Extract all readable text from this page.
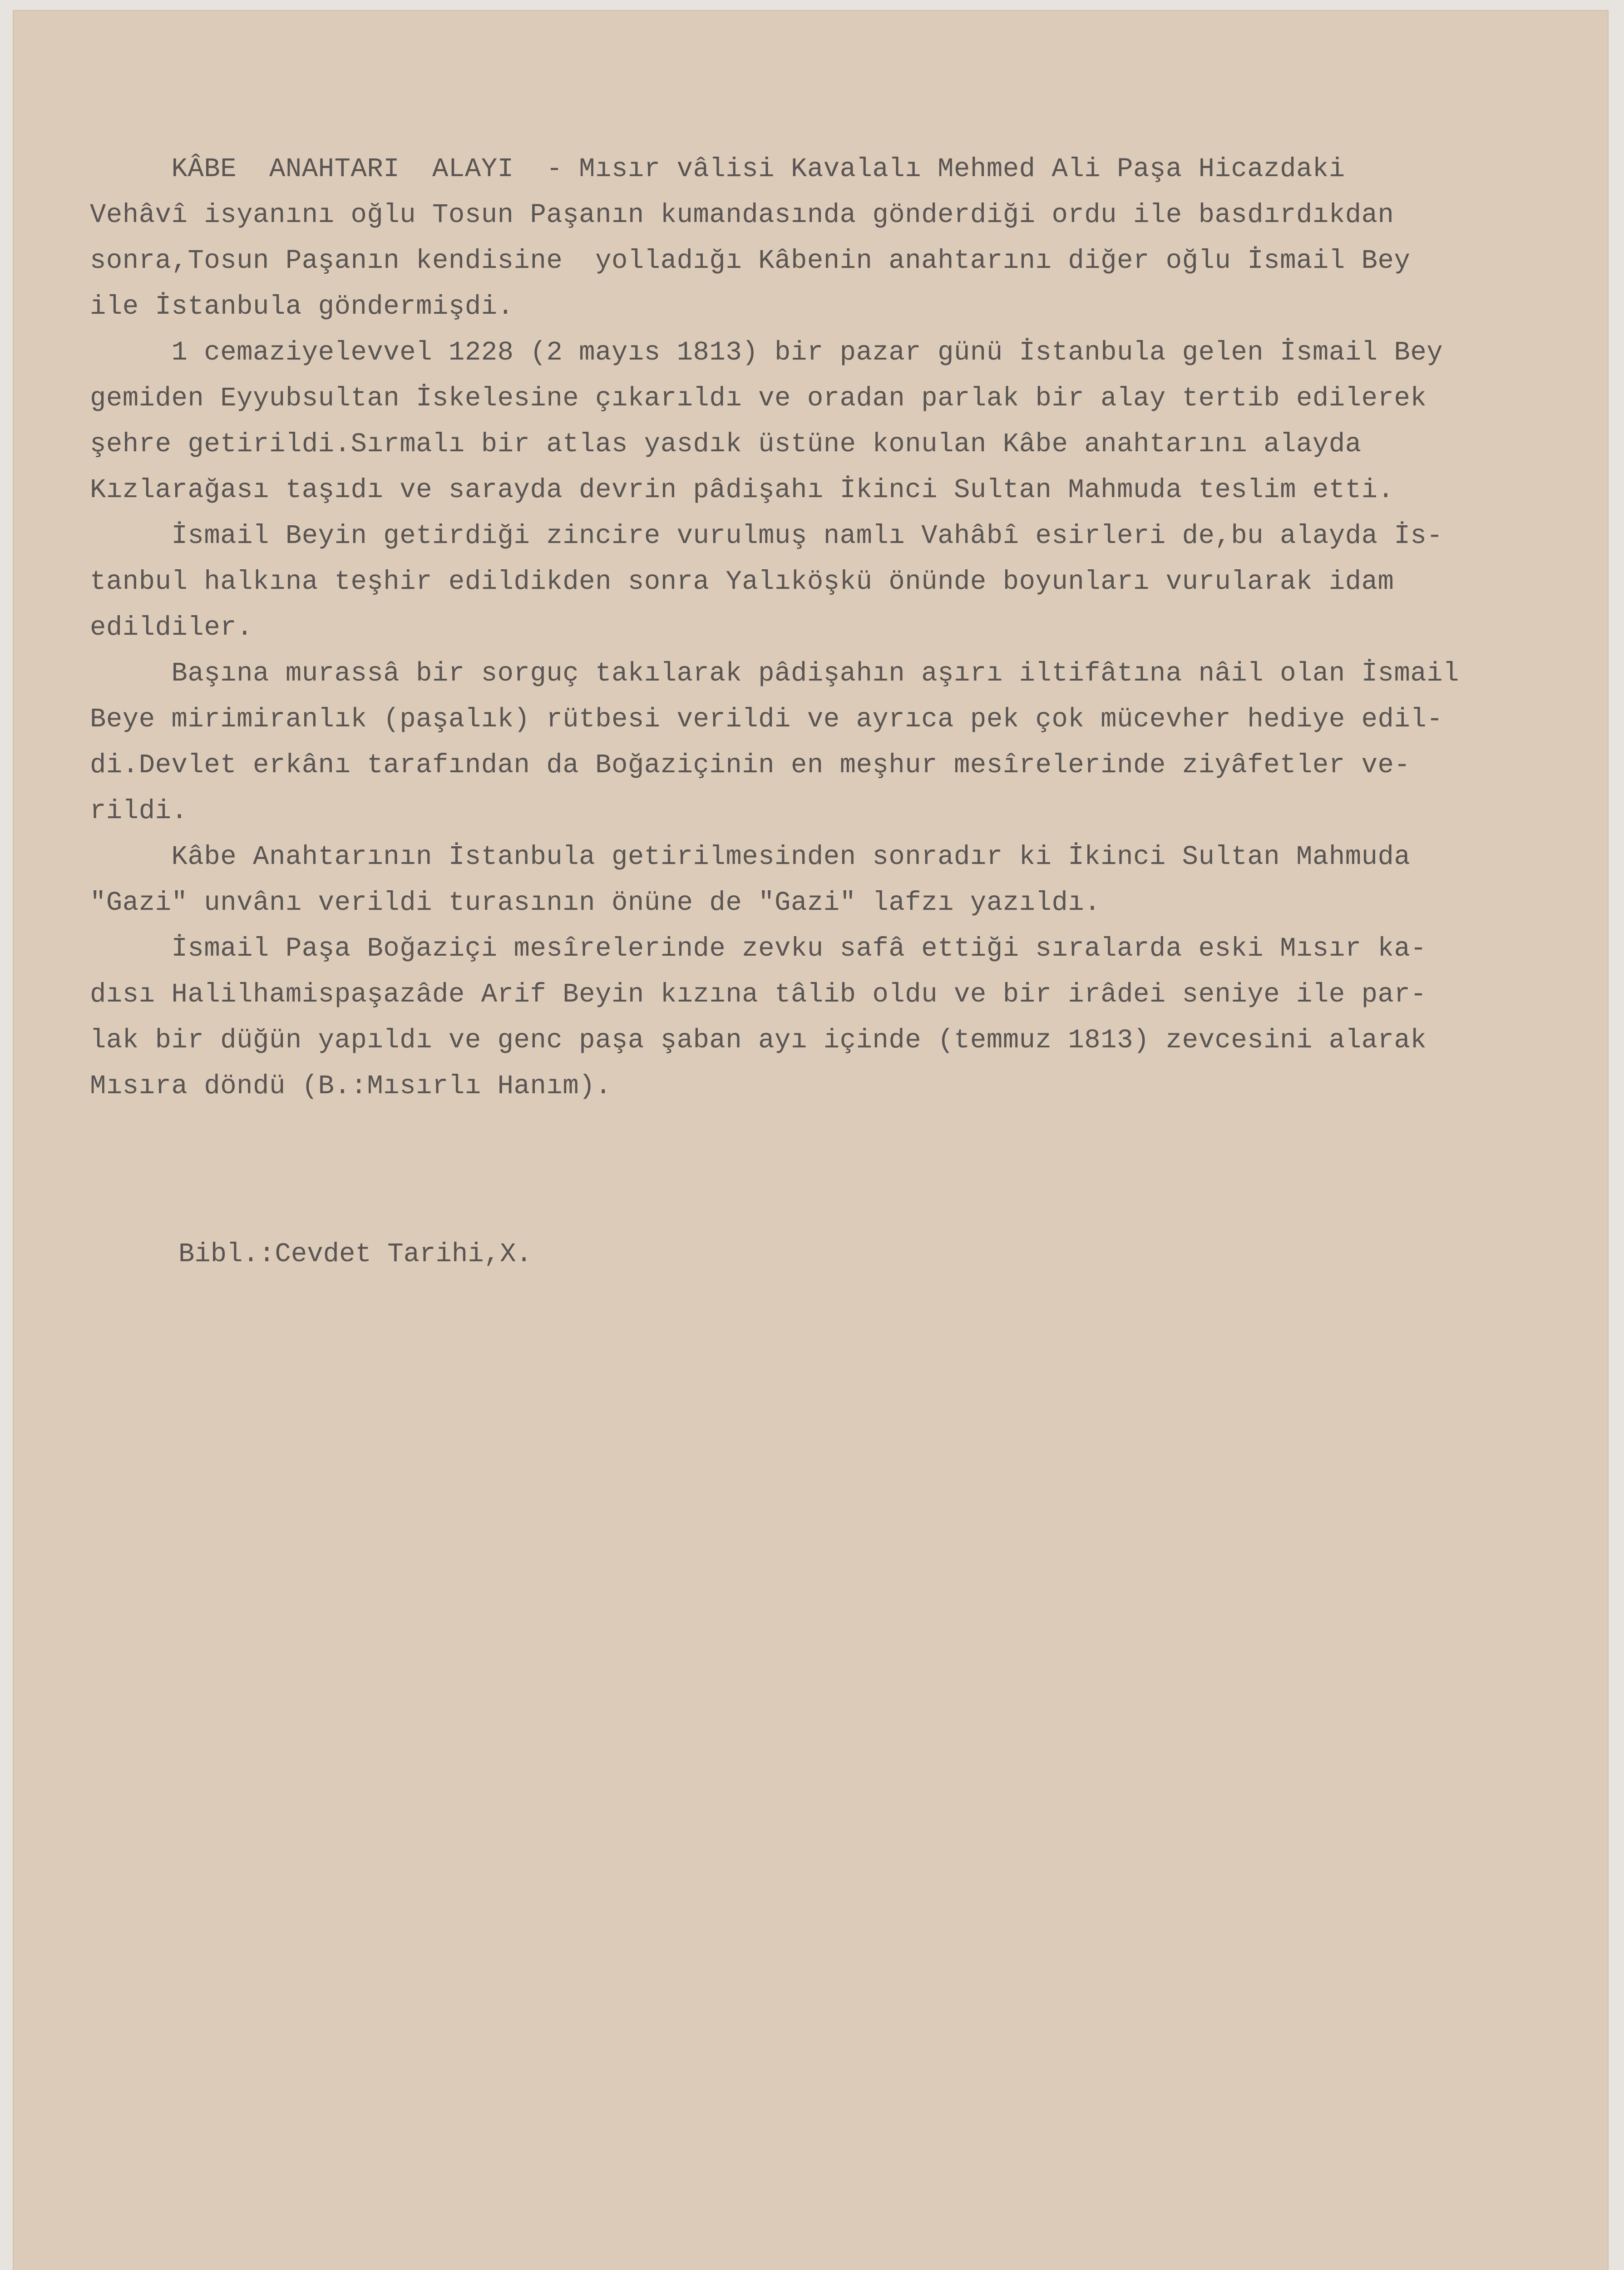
KÂBE  ANAHTARI  ALAYI  - Mısır vâlisi Kavalalı Mehmed Ali Paşa Hicazdaki
Vehâvî isyanını oğlu Tosun Paşanın kumandasında gönderdiği ordu ile basdırdıkdan
sonra,Tosun Paşanın kendisine  yolladığı Kâbenin anahtarını diğer oğlu İsmail Bey
ile İstanbula göndermişdi.
1 cemaziyelevvel 1228 (2 mayıs 1813) bir pazar günü İstanbula gelen İsmail Bey
gemiden Eyyubsultan İskelesine çıkarıldı ve oradan parlak bir alay tertib edilerek
şehre getirildi.Sırmalı bir atlas yasdık üstüne konulan Kâbe anahtarını alayda
Kızlarağası taşıdı ve sarayda devrin pâdişahı İkinci Sultan Mahmuda teslim etti.
İsmail Beyin getirdiği zincire vurulmuş namlı Vahâbî esirleri de,bu alayda İs-
tanbul halkına teşhir edildikden sonra Yalıköşkü önünde boyunları vurularak idam
edildiler.
Başına murassâ bir sorguç takılarak pâdişahın aşırı iltifâtına nâil olan İsmail
Beye mirimiranlık (paşalık) rütbesi verildi ve ayrıca pek çok mücevher hediye edil-
di.Devlet erkânı tarafından da Boğaziçinin en meşhur mesîrelerinde ziyâfetler ve-
rildi.
Kâbe Anahtarının İstanbula getirilmesinden sonradır ki İkinci Sultan Mahmuda
"Gazi" unvânı verildi turasının önüne de "Gazi" lafzı yazıldı.
İsmail Paşa Boğaziçi mesîrelerinde zevku safâ ettiği sıralarda eski Mısır ka-
dısı Halilhamispaşazâde Arif Beyin kızına tâlib oldu ve bir irâdei seniye ile par-
lak bir düğün yapıldı ve genc paşa şaban ayı içinde (temmuz 1813) zevcesini alarak
Mısıra döndü (B.:Mısırlı Hanım).
Bibl.:Cevdet Tarihi,X.
